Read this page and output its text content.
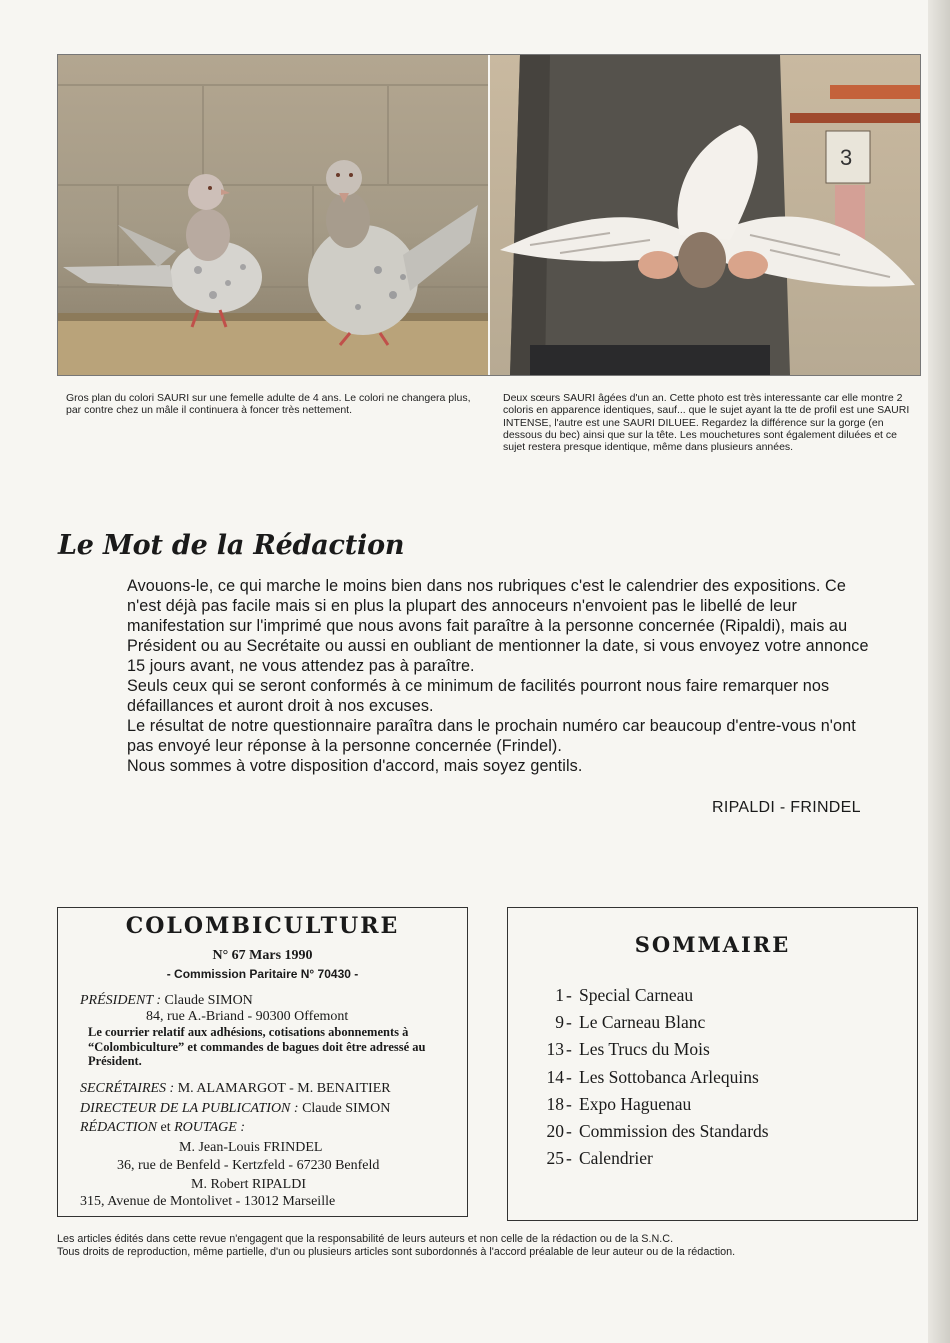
3
Gros plan du colori SAURI sur une femelle adulte de 4 ans. Le colori ne changera plus, par contre chez un mâle il continuera à foncer très nettement.
Deux sœurs SAURI âgées d'un an. Cette photo est très interessante car elle montre 2 coloris en apparence identiques, sauf... que le sujet ayant la tte de profil est une SAURI INTENSE, l'autre est une SAURI DILUEE. Regardez la différence sur la gorge (en dessous du bec) ainsi que sur la tête. Les mouchetures sont également diluées et ce sujet restera presque identique, même dans plusieurs années.
Le Mot de la Rédaction

Avouons-le, ce qui marche le moins bien dans nos rubriques c'est le calendrier des expositions. Ce n'est déjà pas facile mais si en plus la plupart des annoceurs n'envoient pas le libellé de leur manifestation sur l'imprimé que nous avons fait paraître à la personne concernée (Ripaldi), mais au Président ou au Secrétaite ou aussi en oubliant de mentionner la date, si vous envoyez votre annonce 15 jours avant, ne vous attendez pas à paraître.

Seuls ceux qui se seront conformés à ce minimum de facilités pourront nous faire remarquer nos défaillances et auront droit à nos excuses.

Le résultat de notre questionnaire paraîtra dans le prochain numéro car beaucoup d'entre-vous n'ont pas envoyé leur réponse à la personne concernée (Frindel).

Nous sommes à votre disposition d'accord, mais soyez gentils.

RIPALDI - FRINDEL
COLOMBICULTURE
N° 67 Mars 1990
- Commission Paritaire N° 70430 -
PRÉSIDENT : Claude SIMON
84, rue A.-Briand - 90300 Offemont
Le courrier relatif aux adhésions, cotisations abonnements à “Colombiculture” et commandes de bagues doit être adressé au Président.
SECRÉTAIRES : M. ALAMARGOT - M. BENAITIER
DIRECTEUR DE LA PUBLICATION : Claude SIMON
RÉDACTION et ROUTAGE :
M. Jean-Louis FRINDEL
36, rue de Benfeld - Kertzfeld - 67230 Benfeld
M. Robert RIPALDI
315, Avenue de Montolivet - 13012 Marseille
SOMMAIRE
1 - Special Carneau
9 - Le Carneau Blanc
13 - Les Trucs du Mois
14 - Les Sottobanca Arlequins
18 - Expo Haguenau
20 - Commission des Standards
25 - Calendrier

Les articles édités dans cette revue n'engagent que la responsabilité de leurs auteurs et non celle de la rédaction ou de la S.N.C.

Tous droits de reproduction, même partielle, d'un ou plusieurs articles sont subordonnés à l'accord préalable de leur auteur ou de la rédaction.
